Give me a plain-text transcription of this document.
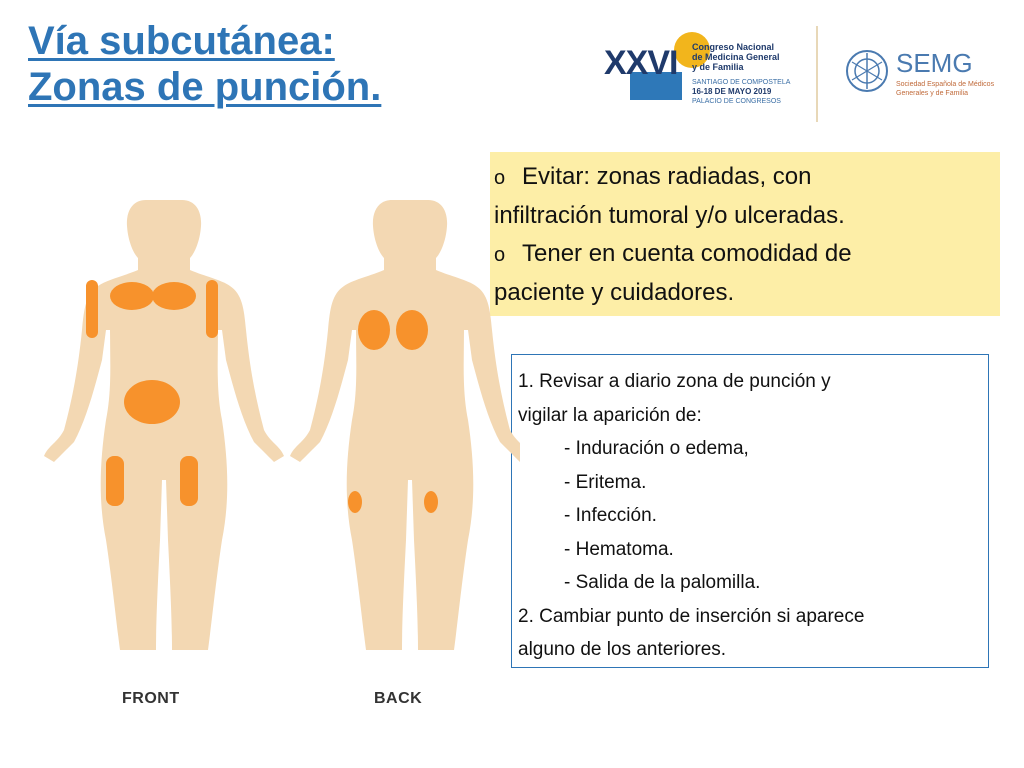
Vía subcutánea:
Zonas de punción.
XXVI Congreso Nacional
de Medicina General
y de Familia
SANTIAGO DE COMPOSTELA
16-18 DE MAYO 2019
PALACIO DE CONGRESOS
SEMG
Sociedad Española de Médicos
Generales y de Familia

o Evitar: zonas radiadas, con

infiltración tumoral y/o ulceradas.

o Tener en cuenta comodidad de

paciente y cuidadores.

1. Revisar a diario zona de punción y
vigilar la aparición de:
- Induración o edema,
- Eritema.
- Infección.
- Hematoma.
- Salida de la palomilla.
2. Cambiar punto de inserción si aparece
alguno de los anteriores.
FRONT	BACK
